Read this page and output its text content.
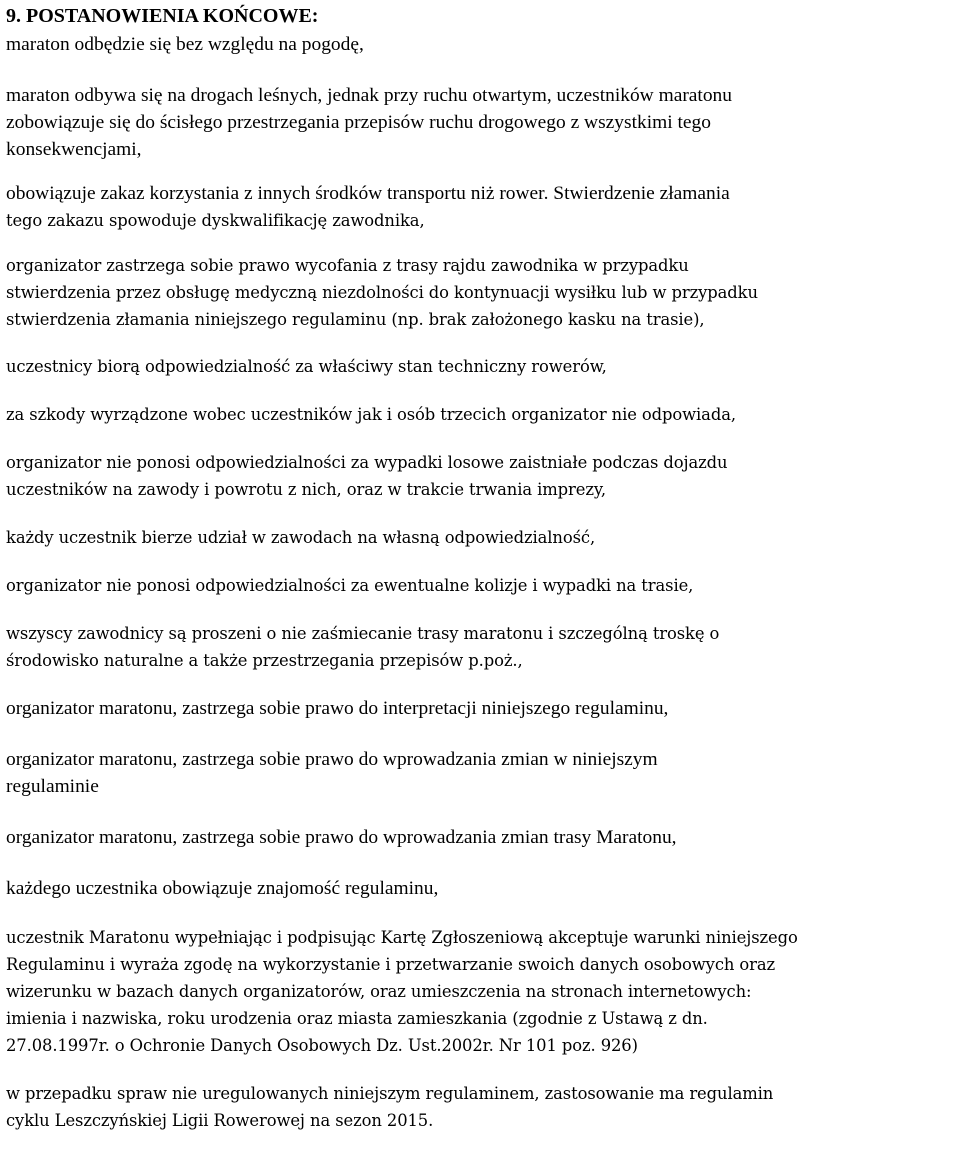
9. POSTANOWIENIA KOŃCOWE:
maraton odbędzie się bez względu na pogodę,
maraton odbywa się na drogach leśnych, jednak przy ruchu otwartym, uczestników maratonu
zobowiązuje się do ścisłego przestrzegania przepisów ruchu drogowego z wszystkimi tego
konsekwencjami,
obowiązuje zakaz korzystania z innych środków transportu niż rower. Stwierdzenie złamania
tego zakazu spowoduje dyskwalifikację zawodnika,
organizator zastrzega sobie prawo wycofania z trasy rajdu zawodnika w przypadku
stwierdzenia przez obsługę medyczną niezdolności do kontynuacji wysiłku lub w przypadku
stwierdzenia złamania niniejszego regulaminu (np. brak założonego kasku na trasie),
uczestnicy biorą odpowiedzialność za właściwy stan techniczny rowerów,
za szkody wyrządzone wobec uczestników jak i osób trzecich organizator nie odpowiada,
organizator nie ponosi odpowiedzialności za wypadki losowe zaistniałe podczas dojazdu
uczestników na zawody i powrotu z nich, oraz w trakcie trwania imprezy,
każdy uczestnik bierze udział w zawodach na własną odpowiedzialność,
organizator nie ponosi odpowiedzialności za ewentualne kolizje i wypadki na trasie,
wszyscy zawodnicy są proszeni o nie zaśmiecanie trasy maratonu i szczególną troskę o
środowisko naturalne a także przestrzegania przepisów p.poż.,
organizator maratonu, zastrzega sobie prawo do interpretacji niniejszego regulaminu,
organizator maratonu, zastrzega sobie prawo do wprowadzania zmian w niniejszym
regulaminie
organizator maratonu, zastrzega sobie prawo do wprowadzania zmian trasy Maratonu,
każdego uczestnika obowiązuje znajomość regulaminu,
uczestnik Maratonu wypełniając i podpisując Kartę Zgłoszeniową akceptuje warunki niniejszego
Regulaminu i wyraża zgodę na wykorzystanie i przetwarzanie swoich danych osobowych oraz
wizerunku w bazach danych organizatorów, oraz umieszczenia na stronach internetowych:
imienia i nazwiska, roku urodzenia oraz miasta zamieszkania (zgodnie z Ustawą z dn.
27.08.1997r. o Ochronie Danych Osobowych Dz. Ust.2002r. Nr 101 poz. 926)
w przepadku spraw nie uregulowanych niniejszym regulaminem, zastosowanie ma regulamin
cyklu Leszczyńskiej Ligii Rowerowej na sezon 2015.
